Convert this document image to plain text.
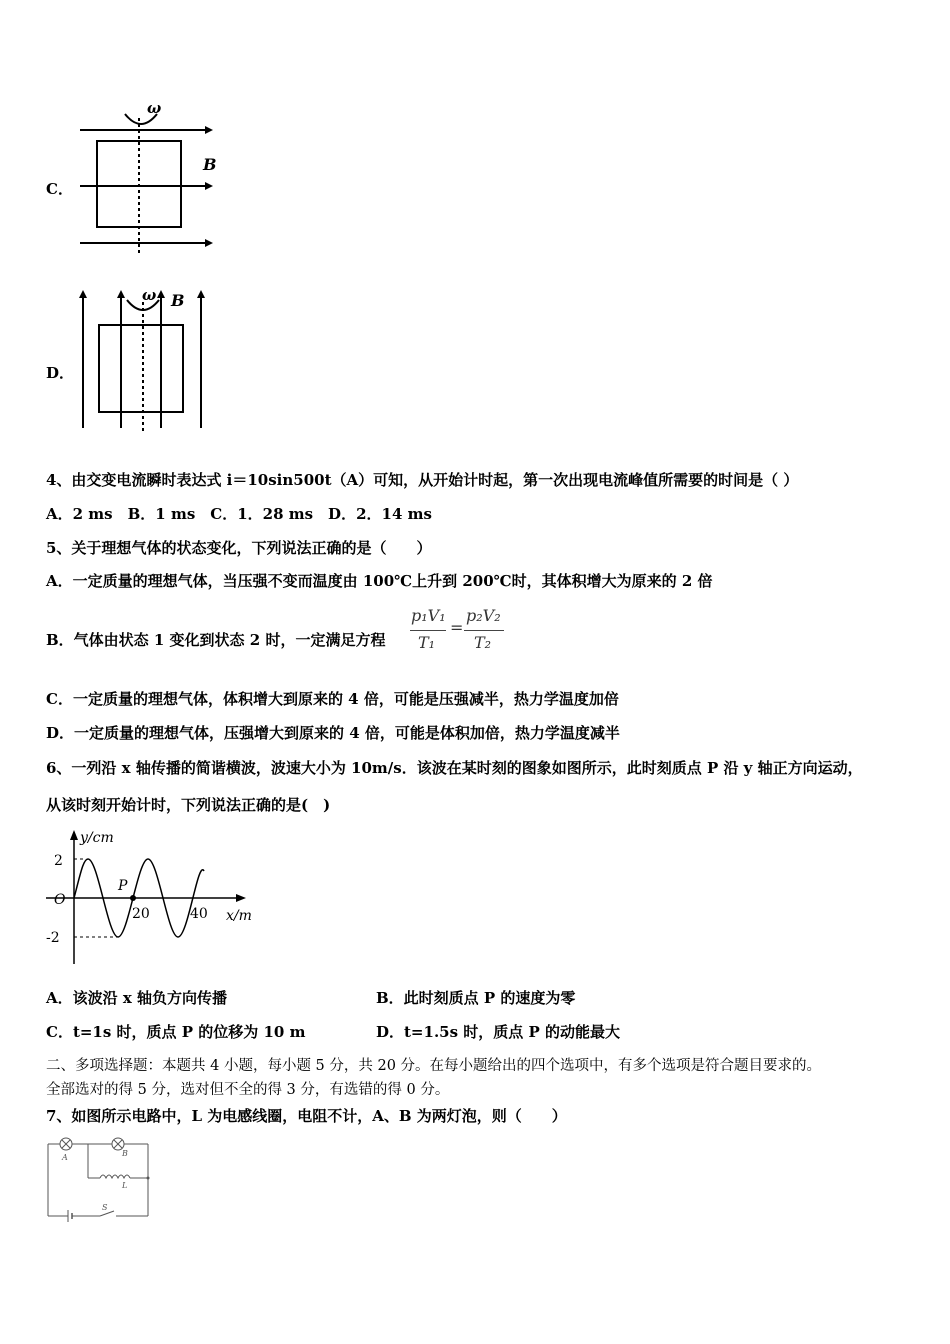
C．
ω
B
D．
ω B
4、由交变电流瞬时表达式 i＝10sin500t（A）可知，从开始计时起，第一次出现电流峰值所需要的时间是（ ）
A．2 ms　B．1 ms　C．1．28 ms　D．2．14 ms
5、关于理想气体的状态变化，下列说法正确的是（　　）
A．一定质量的理想气体，当压强不变而温度由 100℃上升到 200℃时，其体积增大为原来的 2 倍
B．气体由状态 1 变化到状态 2 时，一定满足方程
p₁V₁
T₁
=
p₂V₂
T₂
C．一定质量的理想气体，体积增大到原来的 4 倍，可能是压强减半，热力学温度加倍
D．一定质量的理想气体，压强增大到原来的 4 倍，可能是体积加倍，热力学温度减半
6、一列沿 x 轴传播的简谐横波，波速大小为 10m/s．该波在某时刻的图象如图所示，此时刻质点 P 沿 y 轴正方向运动，
从该时刻开始计时，下列说法正确的是(　)
y/cm
x/m
O
2
-2
20	40
P
A．该波沿 x 轴负方向传播	B．此时刻质点 P 的速度为零
C．t=1s 时，质点 P 的位移为 10 m	D．t=1.5s 时，质点 P 的动能最大
二、多项选择题：本题共 4 小题，每小题 5 分，共 20 分。在每小题给出的四个选项中，有多个选项是符合题目要求的。
全部选对的得 5 分，选对但不全的得 3 分，有选错的得 0 分。
7、如图所示电路中，L 为电感线圈，电阻不计，A、B 为两灯泡，则（　　）
A	B
L
S
